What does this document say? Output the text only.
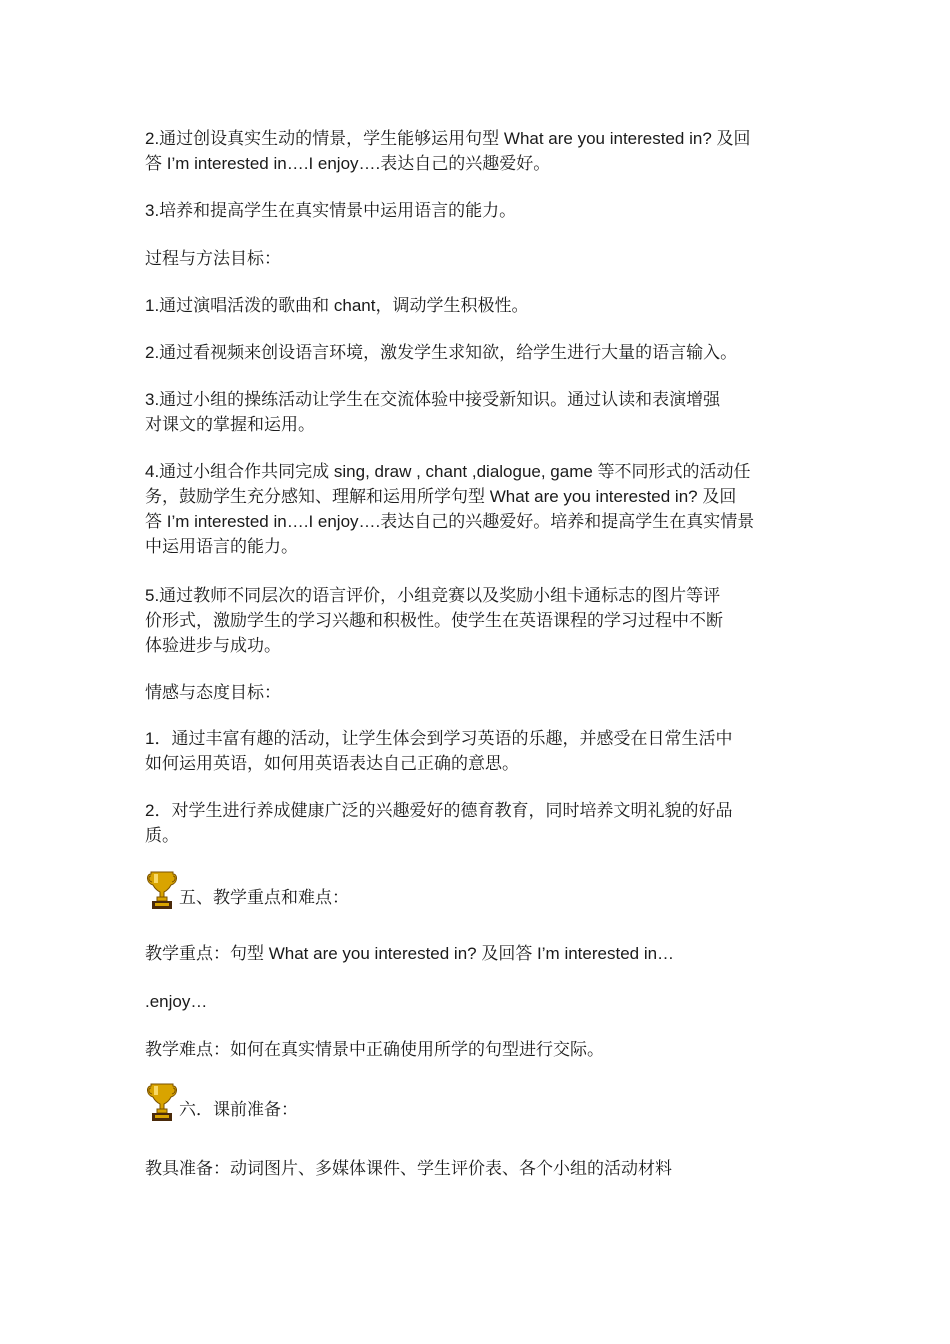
2.通过创设真实生动的情景，学生能够运用句型 What are you interested in? 及回
答 I’m interested in….I enjoy….表达自己的兴趣爱好。

3.培养和提高学生在真实情景中运用语言的能力。

过程与方法目标：

1.通过演唱活泼的歌曲和 chant，调动学生积极性。

2.通过看视频来创设语言环境，激发学生求知欲，给学生进行大量的语言输入。

3.通过小组的操练活动让学生在交流体验中接受新知识。通过认读和表演增强
对课文的掌握和运用。

4.通过小组合作共同完成 sing, draw , chant ,dialogue, game 等不同形式的活动任
务，鼓励学生充分感知、理解和运用所学句型 What are you interested in? 及回
答 I’m interested in….I enjoy….表达自己的兴趣爱好。培养和提高学生在真实情景
中运用语言的能力。

5.通过教师不同层次的语言评价，小组竞赛以及奖励小组卡通标志的图片等评
价形式，激励学生的学习兴趣和积极性。使学生在英语课程的学习过程中不断
体验进步与成功。

情感与态度目标：

1．通过丰富有趣的活动，让学生体会到学习英语的乐趣，并感受在日常生活中
如何运用英语，如何用英语表达自己正确的意思。

2．对学生进行养成健康广泛的兴趣爱好的德育教育，同时培养文明礼貌的好品
质。

五、教学重点和难点：

教学重点：句型 What are you interested in? 及回答 I’m interested in…

.enjoy…

教学难点：如何在真实情景中正确使用所学的句型进行交际。

六．课前准备：

教具准备：动词图片、多媒体课件、学生评价表、各个小组的活动材料
